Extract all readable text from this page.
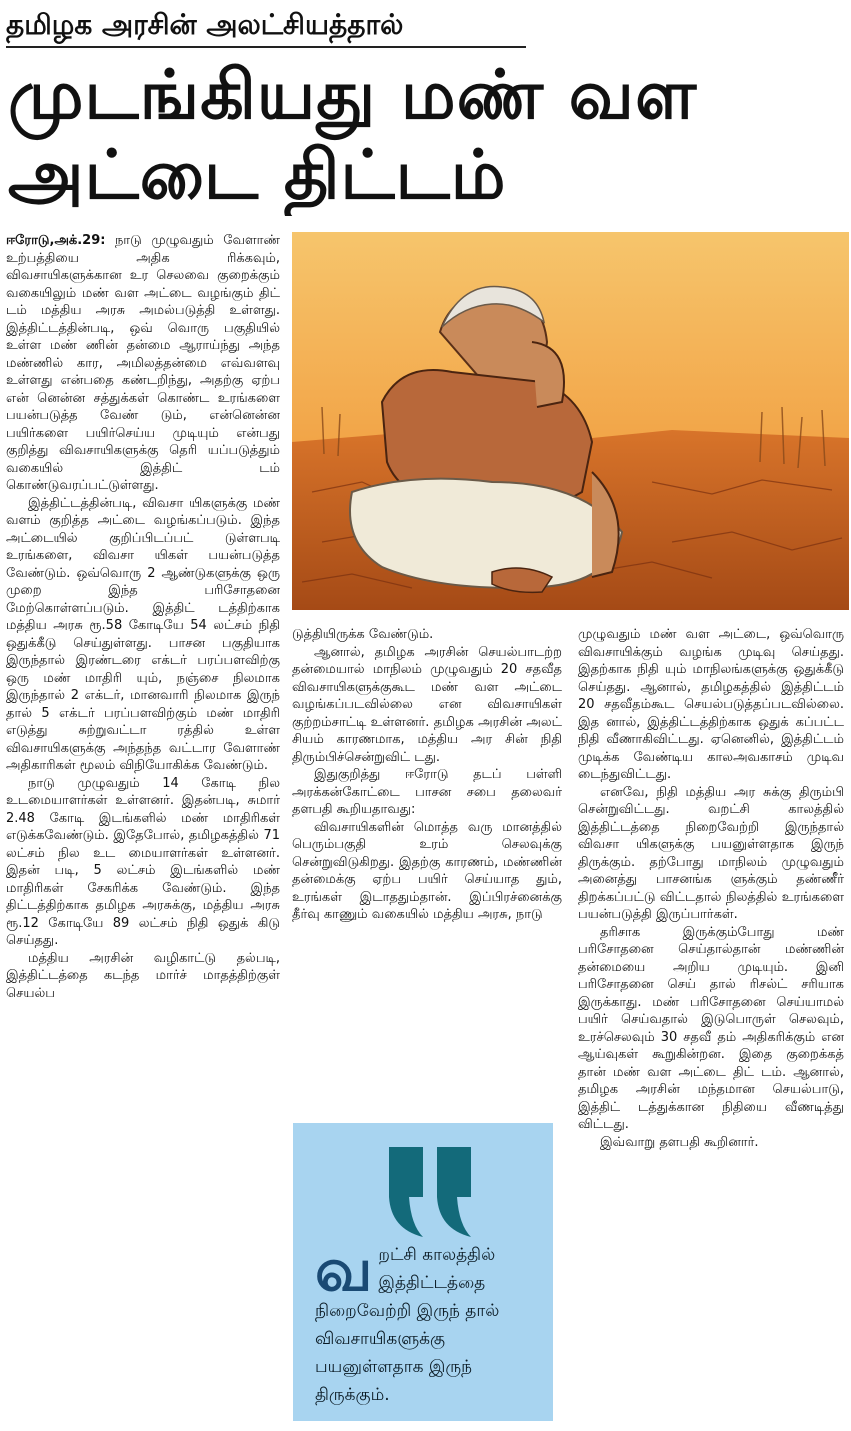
தமிழக அரசின் அலட்சியத்தால்
முடங்கியது மண் வள
அட்டை திட்டம்

ஈரோடு,அக்.29: நாடு முழுவதும் வேளாண் உற்பத்தியை அதிக ரிக்கவும், விவசாயிகளுக்கான உர செலவை குறைக்கும் வகையிலும் மண் வள அட்டை வழங்கும் திட் டம் மத்திய அரசு அமல்படுத்தி உள்ளது. இத்திட்டத்தின்படி, ஒவ் வொரு பகுதியில் உள்ள மண் ணின் தன்மை ஆராய்ந்து அந்த மண்ணில் கார, அமிலத்தன்மை எவ்வளவு உள்ளது என்பதை கண்டறிந்து, அதற்கு ஏற்ப என் னென்ன சத்துக்கள் கொண்ட உரங்களை பயன்படுத்த வேண் டும், என்னென்ன பயிர்களை பயிர்செய்ய முடியும் என்பது குறித்து விவசாயிகளுக்கு தெரி யப்படுத்தும் வகையில் இத்திட் டம் கொண்டுவரப்பட்டுள்ளது.

இத்திட்டத்தின்படி, விவசா யிகளுக்கு மண் வளம் குறித்த அட்டை வழங்கப்படும். இந்த அட்டையில் குறிப்பிடப்பட் டுள்ளபடி உரங்களை, விவசா யிகள் பயன்படுத்த வேண்டும். ஒவ்வொரு 2 ஆண்டுகளுக்கு ஒரு முறை இந்த பரிசோதனை மேற்கொள்ளப்படும். இத்திட் டத்திற்காக மத்திய அரசு ரூ.58 கோடியே 54 லட்சம் நிதி ஒதுக்கீடு செய்துள்ளது. பாசன பகுதியாக இருந்தால் இரண்டரை எக்டர் பரப்பளவிற்கு ஒரு மண் மாதிரி யும், நஞ்சை நிலமாக இருந்தால் 2 எக்டர், மானவாரி நிலமாக இருந் தால் 5 எக்டர் பரப்பளவிற்கும் மண் மாதிரி எடுத்து சுற்றுவட்டா ரத்தில் உள்ள விவசாயிகளுக்கு அந்தந்த வட்டார வேளாண் அதிகாரிகள் மூலம் விநியோகிக்க வேண்டும்.

நாடு முழுவதும் 14 கோடி நில உடமையாளர்கள் உள்ளனர். இதன்படி, சுமார் 2.48 கோடி இடங்களில் மண் மாதிரிகள் எடுக்கவேண்டும். இதேபோல், தமிழகத்தில் 71 லட்சம் நில உட மையாளர்கள் உள்ளனர். இதன் படி, 5 லட்சம் இடங்களில் மண் மாதிரிகள் சேகரிக்க வேண்டும். இந்த திட்டத்திற்காக தமிழக அரசுக்கு, மத்திய அரசு ரூ.12 கோடியே 89 லட்சம் நிதி ஒதுக் கிடு செய்தது.

மத்திய அரசின் வழிகாட்டு தல்படி, இத்திட்டத்தை கடந்த மார்ச் மாதத்திற்குள் செயல்ப

டுத்தியிருக்க வேண்டும்.

ஆனால், தமிழக அரசின் செயல்பாடற்ற தன்மையால் மாநிலம் முழுவதும் 20 சதவீத விவசாயிகளுக்குகூட மண் வள அட்டை வழங்கப்படவில்லை என விவசாயிகள் குற்றம்சாட்டி உள்ளனர். தமிழக அரசின் அலட் சியம் காரணமாக, மத்திய அர சின் நிதி திரும்பிச்சென்றுவிட் டது.

இதுகுறித்து ஈரோடு தடப் பள்ளி அரக்கன்கோட்டை பாசன சபை தலைவர் தளபதி கூறியதாவது:

விவசாயிகளின் மொத்த வரு மானத்தில் பெரும்பகுதி உரம் செலவுக்கு சென்றுவிடுகிறது. இதற்கு காரணம், மண்ணின் தன்மைக்கு ஏற்ப பயிர் செய்யாத தும், உரங்கள் இடாததும்தான். இப்பிரச்னைக்கு தீர்வு காணும் வகையில் மத்திய அரசு, நாடு

வறட்சி காலத்தில் இத்திட்டத்தை நிறைவேற்றி இருந் தால் விவசாயிகளுக்கு பயனுள்ளதாக இருந் திருக்கும்.

முழுவதும் மண் வள அட்டை, ஒவ்வொரு விவசாயிக்கும் வழங்க முடிவு செய்தது. இதற்காக நிதி யும் மாநிலங்களுக்கு ஒதுக்கீடு செய்தது. ஆனால், தமிழகத்தில் இத்திட்டம் 20 சதவீதம்கூட செயல்படுத்தப்படவில்லை. இத னால், இத்திட்டத்திற்காக ஒதுக் கப்பட்ட நிதி வீணாகிவிட்டது. ஏனெனில், இத்திட்டம் முடிக்க வேண்டிய காலஅவகாசம் முடிவ டைந்துவிட்டது.

எனவே, நிதி மத்திய அர சுக்கு திரும்பி சென்றுவிட்டது. வறட்சி காலத்தில் இத்திட்டத்தை நிறைவேற்றி இருந்தால் விவசா யிகளுக்கு பயனுள்ளதாக இருந் திருக்கும். தற்போது மாநிலம் முழுவதும் அனைத்து பாசனங்க ளுக்கும் தண்ணீர் திறக்கப்பட்டு விட்டதால் நிலத்தில் உரங்களை பயன்படுத்தி இருப்பார்கள்.

தரிசாக இருக்கும்போது மண் பரிசோதனை செய்தால்தான் மண்ணின் தன்மையை அறிய முடியும். இனி பரிசோதனை செய் தால் ரிசல்ட் சரியாக இருக்காது. மண் பரிசோதனை செய்யாமல் பயிர் செய்வதால் இடுபொருள் செலவும், உரச்செலவும் 30 சதவீ தம் அதிகரிக்கும் என ஆய்வுகள் கூறுகின்றன. இதை குறைக்கத் தான் மண் வள அட்டை திட் டம். ஆனால், தமிழக அரசின் மந்தமான செயல்பாடு, இத்திட் டத்துக்கான நிதியை வீணடித்து விட்டது.

இவ்வாறு தளபதி கூறினார்.
